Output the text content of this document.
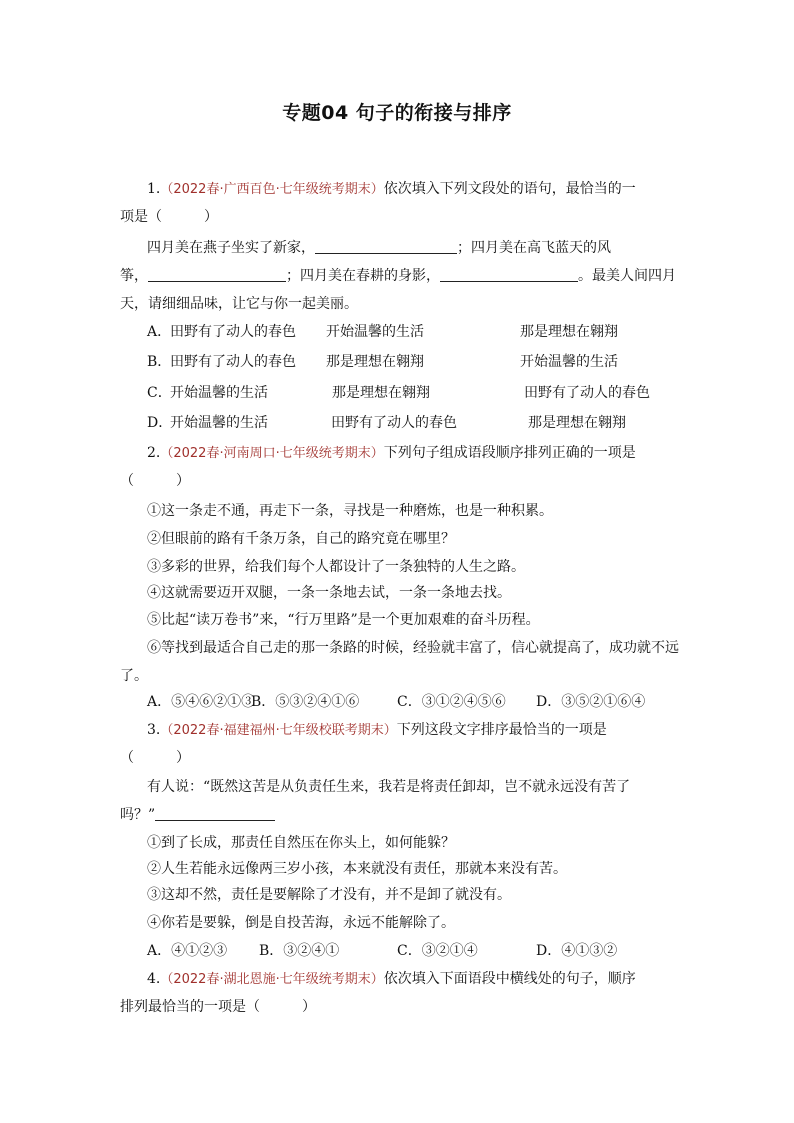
专题04 句子的衔接与排序
1.（2022春·广西百色·七年级统考期末）依次填入下列文段处的语句，最恰当的一
项是（　　　）
四月美在燕子坐实了新家，	；四月美在高飞蓝天的风
筝，	；四月美在春耕的身影，	。最美人间四月
天，请细细品味，让它与你一起美丽。
A．
田野有了动人的春色 开始温馨的生活	那是理想在翱翔
B．
田野有了动人的春色 那是理想在翱翔	开始温馨的生活
C．
开始温馨的生活	那是理想在翱翔	田野有了动人的春色
D．
开始温馨的生活	田野有了动人的春色	那是理想在翱翔
2.（2022春·河南周口·七年级统考期末）下列句子组成语段顺序排列正确的一项是
（　　　）
①这一条走不通，再走下一条，寻找是一种磨炼，也是一种积累。
②但眼前的路有千条万条，自己的路究竟在哪里？
③多彩的世界，给我们每个人都设计了一条独特的人生之路。
④这就需要迈开双腿，一条一条地去试，一条一条地去找。
⑤比起“读万卷书”来，“行万里路”是一个更加艰难的奋斗历程。
⑥等找到最适合自己走的那一条路的时候，经验就丰富了，信心就提高了，成功就不远
了。
A．⑤④⑥②①③
B．⑤③②④①⑥	C．③①②④⑤⑥ D．③⑤②①⑥④
3.（2022春·福建福州·七年级校联考期末）下列这段文字排序最恰当的一项是
（　　　）
有人说：“既然这苦是从负责任生来，我若是将责任卸却，岂不就永远没有苦了
吗？”
①到了长成，那责任自然压在你头上，如何能躲？
②人生若能永远像两三岁小孩，本来就没有责任，那就本来没有苦。
③这却不然，责任是要解除了才没有，并不是卸了就没有。
④你若是要躲，倒是自投苦海，永远不能解除了。
A．④①②③ B．③②④①	C．③②①④	D．④①③②
4.（2022春·湖北恩施·七年级统考期末）依次填入下面语段中横线处的句子，顺序
排列最恰当的一项是（　　　）
